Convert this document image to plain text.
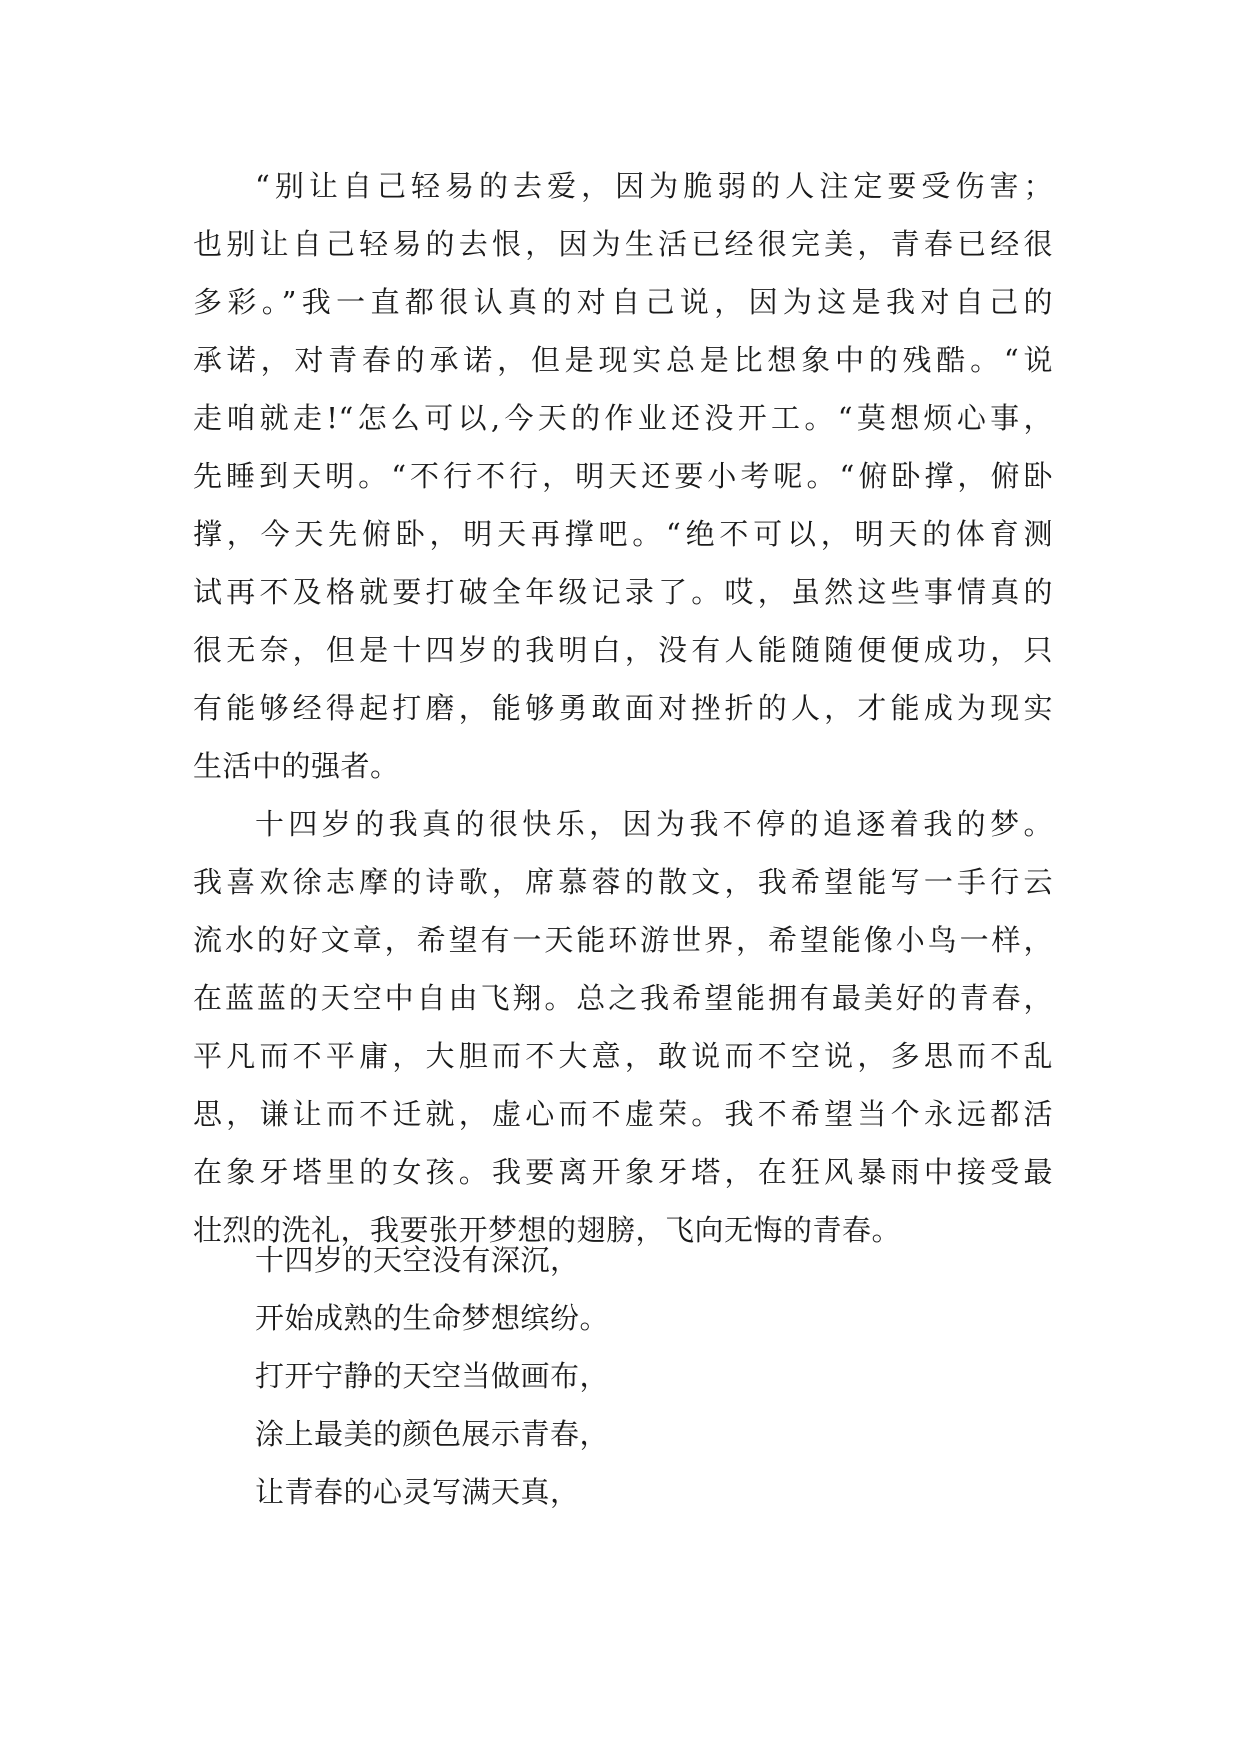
“别让自己轻易的去爱，因为脆弱的人注定要受伤害；
也别让自己轻易的去恨，因为生活已经很完美，青春已经很
多彩。”我一直都很认真的对自己说，因为这是我对自己的
承诺，对青春的承诺，但是现实总是比想象中的残酷。“说
走咱就走!“怎么可以,今天的作业还没开工。“莫想烦心事，
先睡到天明。“不行不行，明天还要小考呢。“俯卧撑，俯卧
撑，今天先俯卧，明天再撑吧。“绝不可以，明天的体育测
试再不及格就要打破全年级记录了。哎，虽然这些事情真的
很无奈，但是十四岁的我明白，没有人能随随便便成功，只
有能够经得起打磨，能够勇敢面对挫折的人，才能成为现实
生活中的强者。
十四岁的我真的很快乐，因为我不停的追逐着我的梦。
我喜欢徐志摩的诗歌，席慕蓉的散文，我希望能写一手行云
流水的好文章，希望有一天能环游世界，希望能像小鸟一样，
在蓝蓝的天空中自由飞翔。总之我希望能拥有最美好的青春，
平凡而不平庸，大胆而不大意，敢说而不空说，多思而不乱
思，谦让而不迁就，虚心而不虚荣。我不希望当个永远都活
在象牙塔里的女孩。我要离开象牙塔，在狂风暴雨中接受最
壮烈的洗礼，我要张开梦想的翅膀，飞向无悔的青春。
十四岁的天空没有深沉，
开始成熟的生命梦想缤纷。
打开宁静的天空当做画布，
涂上最美的颜色展示青春，
让青春的心灵写满天真，
